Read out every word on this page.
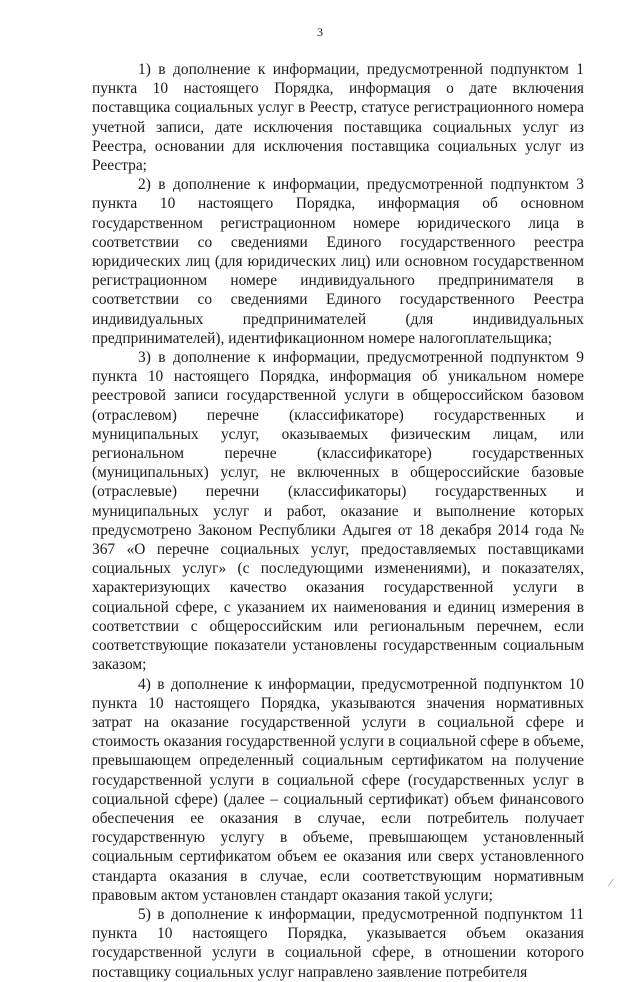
3

1) в дополнение к информации, предусмотренной подпунктом 1 пункта 10 настоящего Порядка, информация о дате включения поставщика социальных услуг в Реестр, статусе регистрационного номера учетной записи, дате исключения поставщика социальных услуг из Реестра, основании для исключения поставщика социальных услуг из Реестра;

2) в дополнение к информации, предусмотренной подпунктом 3 пункта 10 настоящего Порядка, информация об основном государственном регистрационном номере юридического лица в соответствии со сведениями Единого государственного реестра юридических лиц (для юридических лиц) или основном государственном регистрационном номере индивидуального предпринимателя в соответствии со сведениями Единого государственного Реестра индивидуальных предпринимателей (для индивидуальных предпринимателей), идентификационном номере налогоплательщика;

3) в дополнение к информации, предусмотренной подпунктом 9 пункта 10 настоящего Порядка, информация об уникальном номере реестровой записи государственной услуги в общероссийском базовом (отраслевом) перечне (классификаторе) государственных и муниципальных услуг, оказываемых физическим лицам, или региональном перечне (классификаторе) государственных (муниципальных) услуг, не включенных в общероссийские базовые (отраслевые) перечни (классификаторы) государственных и муниципальных услуг и работ, оказание и выполнение которых предусмотрено Законом Республики Адыгея от 18 декабря 2014 года № 367 «О перечне социальных услуг, предоставляемых поставщиками социальных услуг» (с последующими изменениями), и показателях, характеризующих качество оказания государственной услуги в социальной сфере, с указанием их наименования и единиц измерения в соответствии с общероссийским или региональным перечнем, если соответствующие показатели установлены государственным социальным заказом;

4) в дополнение к информации, предусмотренной подпунктом 10 пункта 10 настоящего Порядка, указываются значения нормативных затрат на оказание государственной услуги в социальной сфере и стоимость оказания государственной услуги в социальной сфере в объеме, превышающем определенный социальным сертификатом на получение государственной услуги в социальной сфере (государственных услуг в социальной сфере) (далее – социальный сертификат) объем финансового обеспечения ее оказания в случае, если потребитель получает государственную услугу в объеме, превышающем установленный социальным сертификатом объем ее оказания или сверх установленного стандарта оказания в случае, если соответствующим нормативным правовым актом установлен стандарт оказания такой услуги;

5) в дополнение к информации, предусмотренной подпунктом 11 пункта 10 настоящего Порядка, указывается объем оказания государственной услуги в социальной сфере, в отношении которого поставщику социальных услуг направлено заявление потребителя

⁄
